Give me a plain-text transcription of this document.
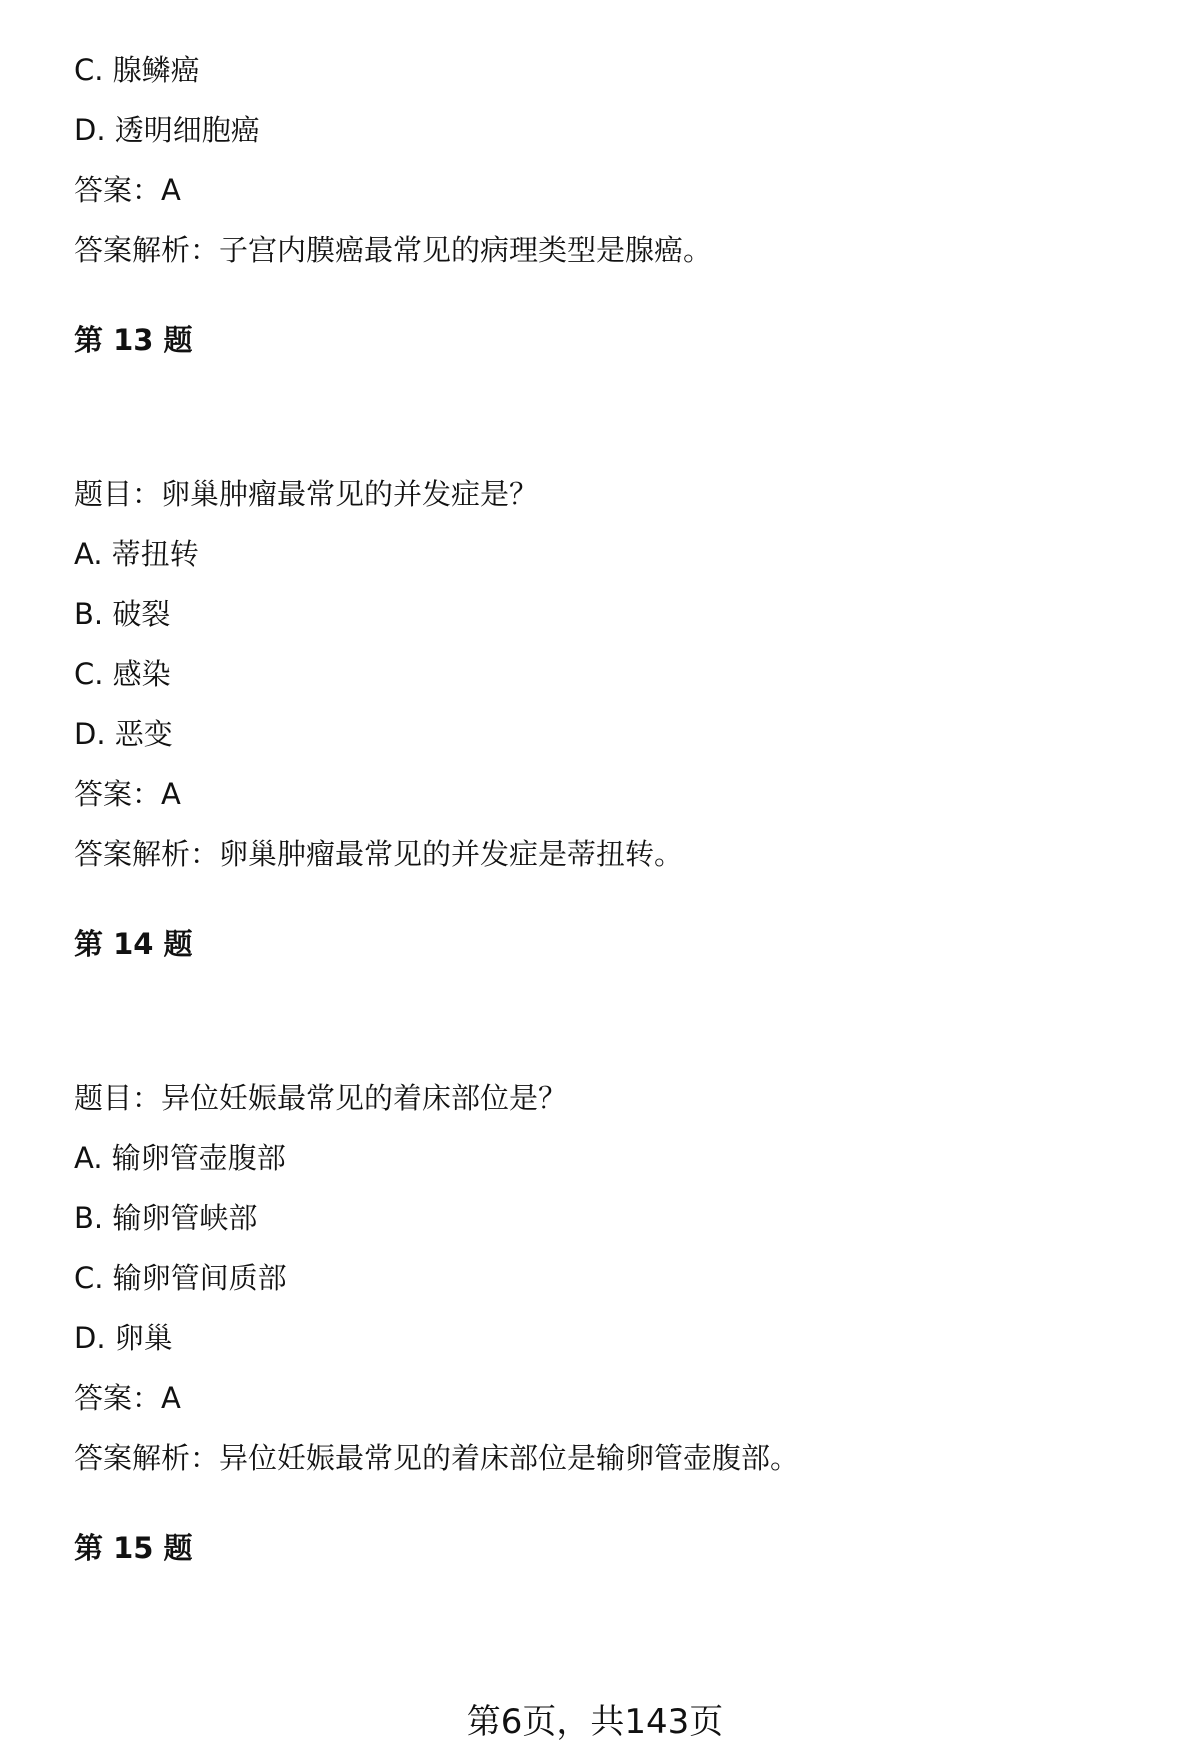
C. 腺鳞癌
D. 透明细胞癌
答案：A
答案解析：子宫内膜癌最常见的病理类型是腺癌。
第 13 题
题目：卵巢肿瘤最常见的并发症是？
A. 蒂扭转
B. 破裂
C. 感染
D. 恶变
答案：A
答案解析：卵巢肿瘤最常见的并发症是蒂扭转。
第 14 题
题目：异位妊娠最常见的着床部位是？
A. 输卵管壶腹部
B. 输卵管峡部
C. 输卵管间质部
D. 卵巢
答案：A
答案解析：异位妊娠最常见的着床部位是输卵管壶腹部。
第 15 题
第6页，共143页
